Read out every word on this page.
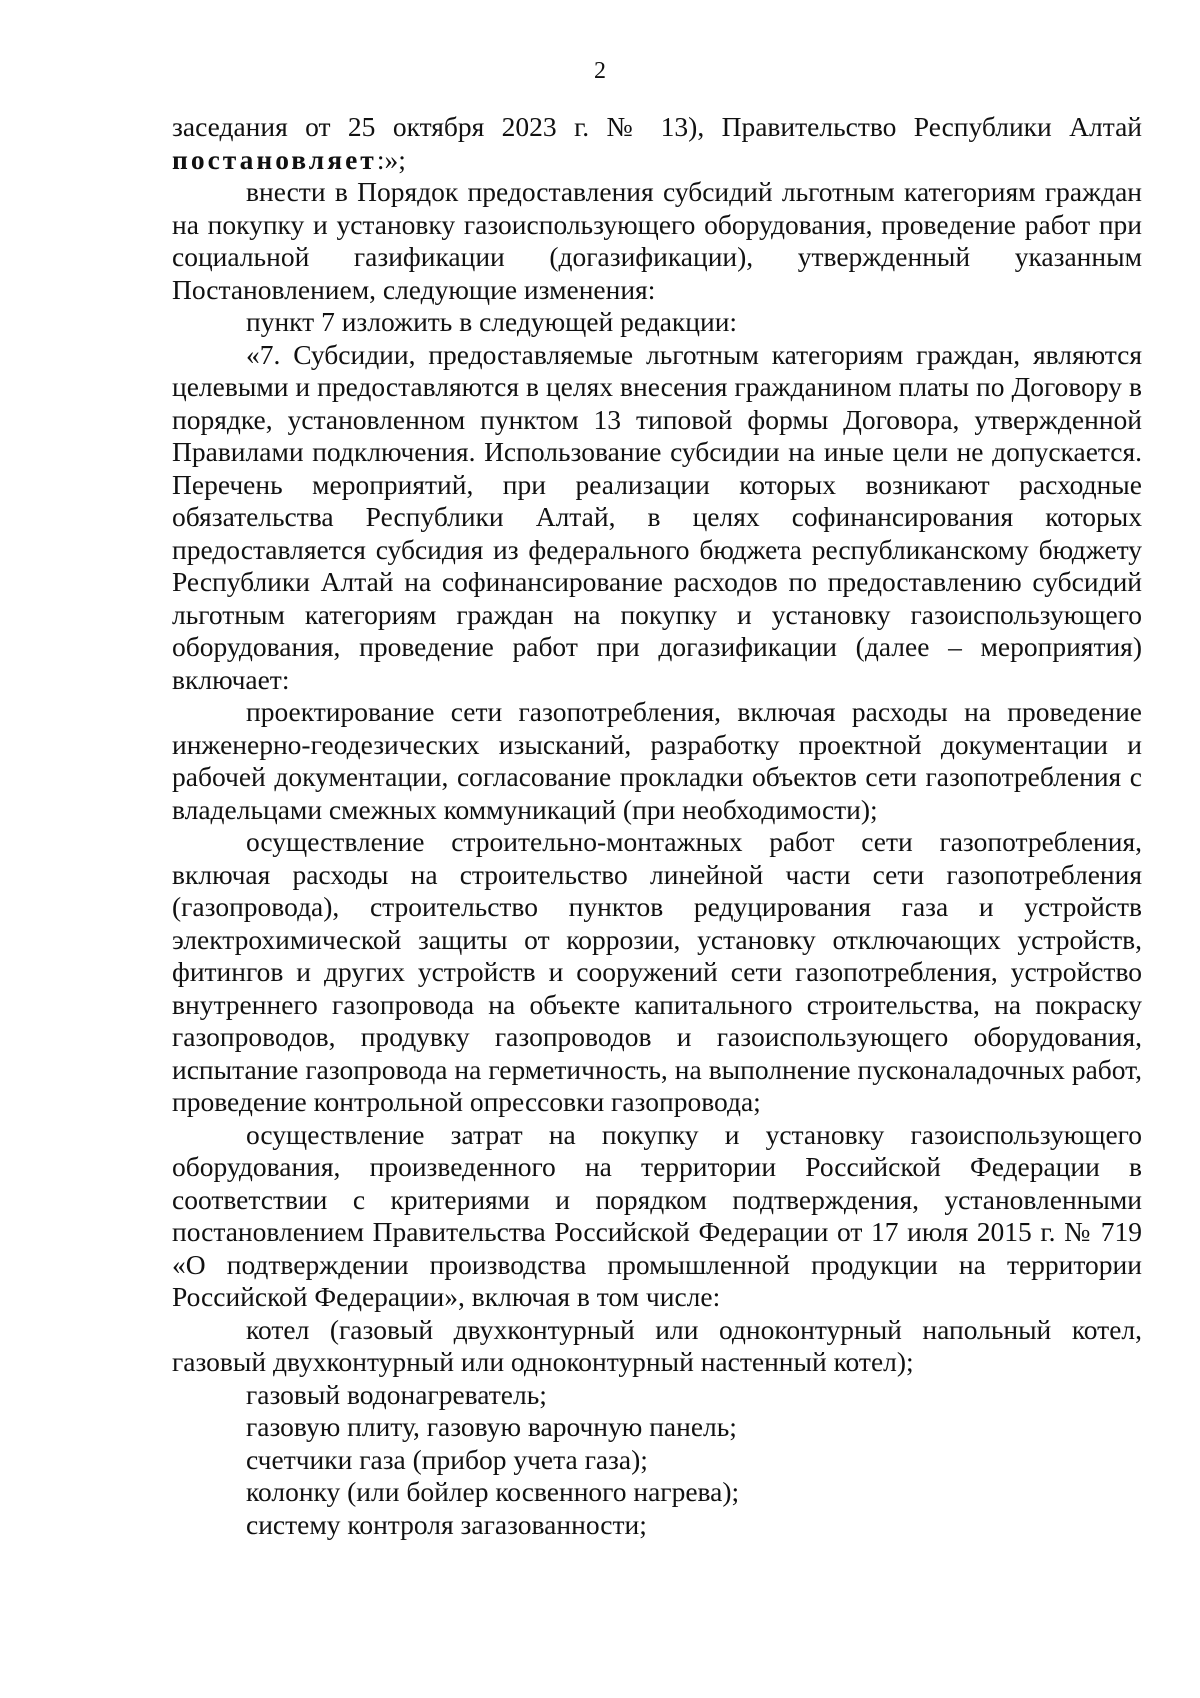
2

заседания от 25 октября 2023 г. № 13), Правительство Республики Алтай постановляет:»;

внести в Порядок предоставления субсидий льготным категориям граждан на покупку и установку газоиспользующего оборудования, проведение работ при социальной газификации (догазификации), утвержденный указанным Постановлением, следующие изменения:

пункт 7 изложить в следующей редакции:

«7. Субсидии, предоставляемые льготным категориям граждан, являются целевыми и предоставляются в целях внесения гражданином платы по Договору в порядке, установленном пунктом 13 типовой формы Договора, утвержденной Правилами подключения. Использование субсидии на иные цели не допускается. Перечень мероприятий, при реализации которых возникают расходные обязательства Республики Алтай, в целях софинансирования которых предоставляется субсидия из федерального бюджета республиканскому бюджету Республики Алтай на софинансирование расходов по предоставлению субсидий льготным категориям граждан на покупку и установку газоиспользующего оборудования, проведение работ при догазификации (далее – мероприятия) включает:

проектирование сети газопотребления, включая расходы на проведение инженерно-геодезических изысканий, разработку проектной документации и рабочей документации, согласование прокладки объектов сети газопотребления с владельцами смежных коммуникаций (при необходимости);

осуществление строительно-монтажных работ сети газопотребления, включая расходы на строительство линейной части сети газопотребления (газопровода), строительство пунктов редуцирования газа и устройств электрохимической защиты от коррозии, установку отключающих устройств, фитингов и других устройств и сооружений сети газопотребления, устройство внутреннего газопровода на объекте капитального строительства, на покраску газопроводов, продувку газопроводов и газоиспользующего оборудования, испытание газопровода на герметичность, на выполнение пусконаладочных работ, проведение контрольной опрессовки газопровода;

осуществление затрат на покупку и установку газоиспользующего оборудования, произведенного на территории Российской Федерации в соответствии с критериями и порядком подтверждения, установленными постановлением Правительства Российской Федерации от 17 июля 2015 г. № 719 «О подтверждении производства промышленной продукции на территории Российской Федерации», включая в том числе:

котел (газовый двухконтурный или одноконтурный напольный котел, газовый двухконтурный или одноконтурный настенный котел);

газовый водонагреватель;

газовую плиту, газовую варочную панель;

счетчики газа (прибор учета газа);

колонку (или бойлер косвенного нагрева);

систему контроля загазованности;
